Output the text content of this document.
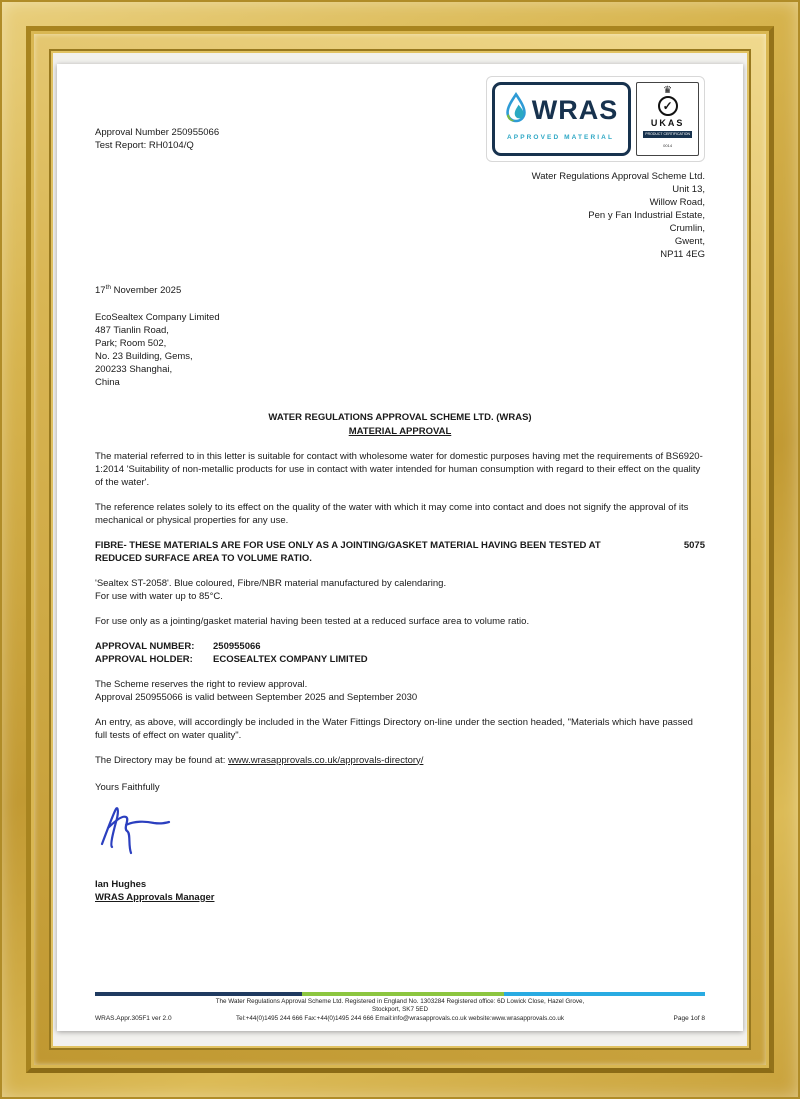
Approval Number 250955066
Test Report: RH0104/Q
WRAS
APPROVED MATERIAL
♛
✓
UKAS
PRODUCT CERTIFICATION
0014
Water Regulations Approval Scheme Ltd.
Unit 13,
Willow Road,
Pen y Fan Industrial Estate,
Crumlin,
Gwent,
NP11 4EG
17th November 2025
EcoSealtex Company Limited
487 Tianlin Road,
Park; Room 502,
No. 23 Building, Gems,
200233 Shanghai,
China
WATER REGULATIONS APPROVAL SCHEME LTD. (WRAS)
MATERIAL APPROVAL
The material referred to in this letter is suitable for contact with wholesome water for domestic purposes having met the requirements of BS6920-1:2014 'Suitability of non-metallic products for use in contact with water intended for human consumption with regard to their effect on the quality of the water'.
The reference relates solely to its effect on the quality of the water with which it may come into contact and does not signify the approval of its mechanical or physical properties for any use.
FIBRE- THESE MATERIALS ARE FOR USE ONLY AS A JOINTING/GASKET MATERIAL HAVING BEEN TESTED AT REDUCED SURFACE AREA TO VOLUME RATIO.
5075
'Sealtex ST-2058'. Blue coloured, Fibre/NBR material manufactured by calendaring.
For use with water up to 85°C.
For use only as a jointing/gasket material having been tested at a reduced surface area to volume ratio.
APPROVAL NUMBER:	250955066
APPROVAL HOLDER:	ECOSEALTEX COMPANY LIMITED
The Scheme reserves the right to review approval.
Approval 250955066 is valid between September 2025 and September 2030
An entry, as above, will accordingly be included in the Water Fittings Directory on-line under the section headed, "Materials which have passed full tests of effect on water quality".
The Directory may be found at: www.wrasapprovals.co.uk/approvals-directory/
Yours Faithfully
Ian Hughes
WRAS Approvals Manager
WRAS.Appr.305F1 ver 2.0
The Water Regulations Approval Scheme Ltd. Registered in England No. 1303284 Registered office: 6D Lowick Close, Hazel Grove, Stockport, SK7 5ED
Tel:+44(0)1495 244 666 Fax:+44(0)1495 244 666 Email:info@wrasapprovals.co.uk website:www.wrasapprovals.co.uk	Page 1of 8
